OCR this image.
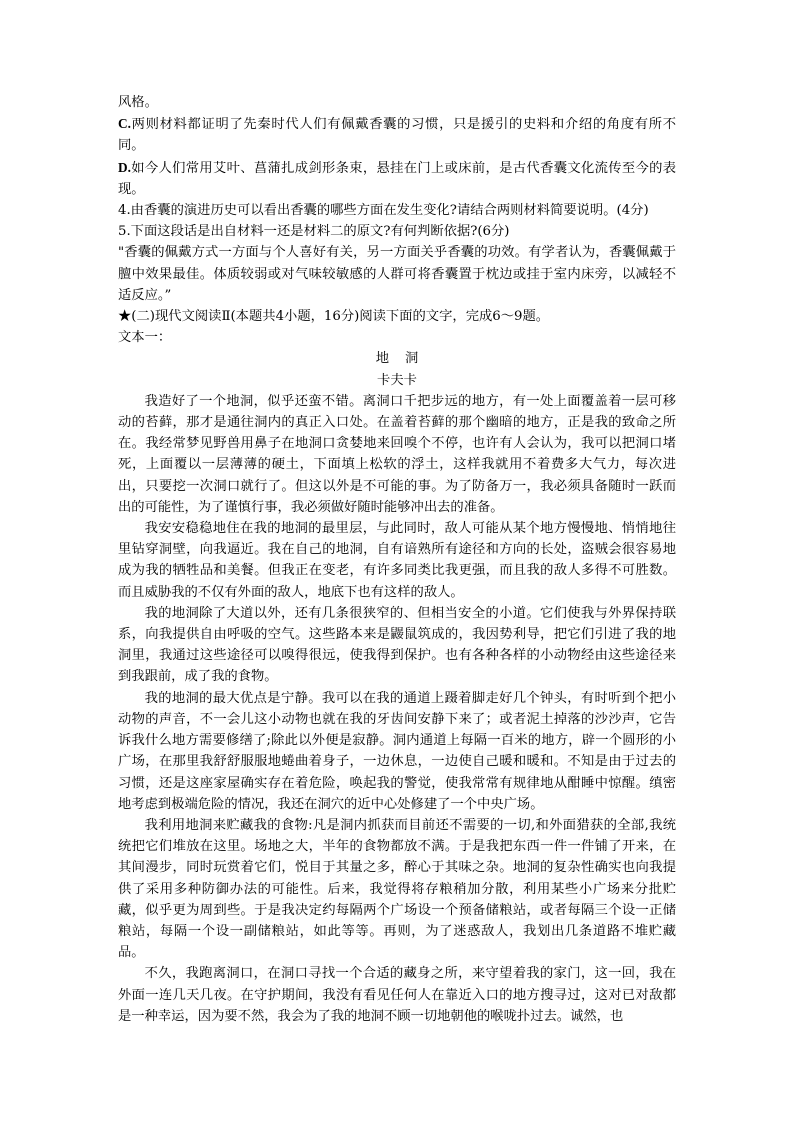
风格。

C.两则材料都证明了先秦时代人们有佩戴香囊的习惯，只是援引的史料和介绍的角度有所不同。

D.如今人们常用艾叶、菖蒲扎成剑形条束，悬挂在门上或床前，是古代香囊文化流传至今的表现。

4.由香囊的演进历史可以看出香囊的哪些方面在发生变化?请结合两则材料简要说明。(4分)

5.下面这段话是出自材料一还是材料二的原文?有何判断依据?(6分)

"香囊的佩戴方式一方面与个人喜好有关，另一方面关乎香囊的功效。有学者认为，香囊佩戴于膻中效果最佳。体质较弱或对气味较敏感的人群可将香囊置于枕边或挂于室内床旁，以减轻不适反应。”

★(二)现代文阅读Ⅱ(本题共4小题，16分)阅读下面的文字，完成6～9题。

文本一：

地洞

卡夫卡

我造好了一个地洞，似乎还蛮不错。离洞口千把步远的地方，有一处上面覆盖着一层可移动的苔藓，那才是通往洞内的真正入口处。在盖着苔藓的那个幽暗的地方，正是我的致命之所在。我经常梦见野兽用鼻子在地洞口贪婪地来回嗅个不停，也许有人会认为，我可以把洞口堵死，上面覆以一层薄薄的硬土，下面填上松软的浮土，这样我就用不着费多大气力，每次进出，只要挖一次洞口就行了。但这以外是不可能的事。为了防备万一，我必须具备随时一跃而出的可能性，为了谨慎行事，我必须做好随时能够冲出去的准备。

我安安稳稳地住在我的地洞的最里层，与此同时，敌人可能从某个地方慢慢地、悄悄地往里钻穿洞壁，向我逼近。我在自己的地洞，自有谙熟所有途径和方向的长处，盗贼会很容易地成为我的牺牲品和美餐。但我正在变老，有许多同类比我更强，而且我的敌人多得不可胜数。而且威胁我的不仅有外面的敌人，地底下也有这样的敌人。

我的地洞除了大道以外，还有几条很狭窄的、但相当安全的小道。它们使我与外界保持联系，向我提供自由呼吸的空气。这些路本来是鼹鼠筑成的，我因势利导，把它们引进了我的地洞里，我通过这些途径可以嗅得很远，使我得到保护。也有各种各样的小动物经由这些途径来到我跟前，成了我的食物。

我的地洞的最大优点是宁静。我可以在我的通道上蹑着脚走好几个钟头，有时听到个把小动物的声音，不一会儿这小动物也就在我的牙齿间安静下来了；或者泥土掉落的沙沙声，它告诉我什么地方需要修缮了;除此以外便是寂静。洞内通道上每隔一百米的地方，辟一个圆形的小广场，在那里我舒舒服服地蜷曲着身子，一边休息，一边使自己暖和暖和。不知是由于过去的习惯，还是这座家屋确实存在着危险，唤起我的警觉，使我常常有规律地从酣睡中惊醒。缜密地考虑到极端危险的情况，我还在洞穴的近中心处修建了一个中央广场。

我利用地洞来贮藏我的食物:凡是洞内抓获而目前还不需要的一切,和外面猎获的全部,我统统把它们堆放在这里。场地之大，半年的食物都放不满。于是我把东西一件一件铺了开来，在其间漫步，同时玩赏着它们，悦目于其量之多，醉心于其味之杂。地洞的复杂性确实也向我提供了采用多种防御办法的可能性。后来，我觉得将存粮稍加分散，利用某些小广场来分批贮藏，似乎更为周到些。于是我决定约每隔两个广场设一个预备储粮站，或者每隔三个设一正储粮站，每隔一个设一副储粮站，如此等等。再则，为了迷惑敌人，我划出几条道路不堆贮藏品。

不久，我跑离洞口，在洞口寻找一个合适的藏身之所，来守望着我的家门，这一回，我在外面一连几天几夜。在守护期间，我没有看见任何人在靠近入口的地方搜寻过，这对已对敌都是一种幸运，因为要不然，我会为了我的地洞不顾一切地朝他的喉咙扑过去。诚然，也
